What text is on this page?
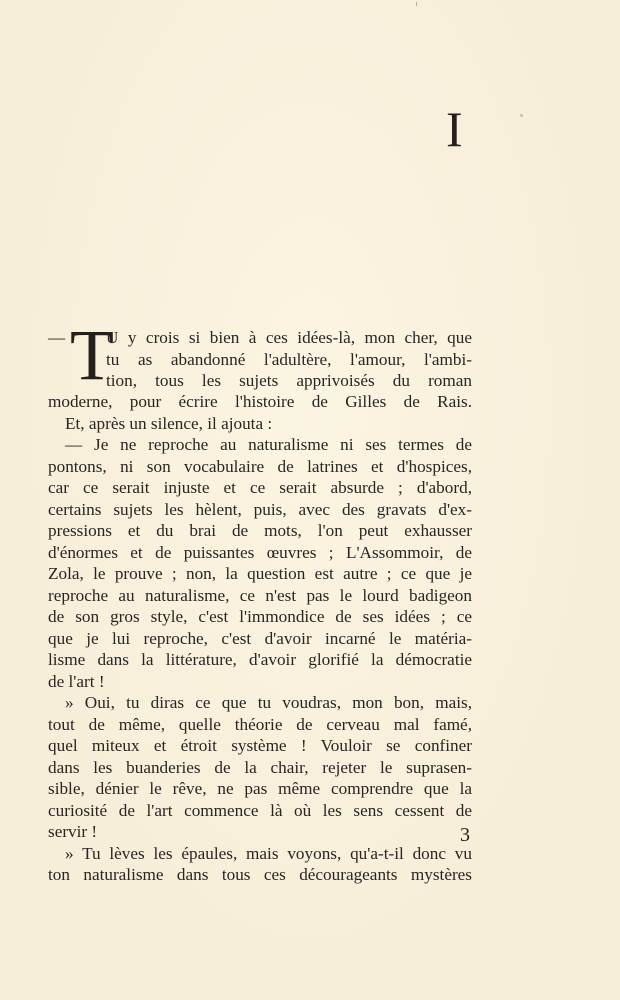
I
— T
U y crois si bien à ces idées-là, mon cher, que
tu as abandonné l'adultère, l'amour, l'ambi-
tion, tous les sujets apprivoisés du roman
moderne, pour écrire l'histoire de Gilles de Rais.
Et, après un silence, il ajouta :
— Je ne reproche au naturalisme ni ses termes de
pontons, ni son vocabulaire de latrines et d'hospices,
car ce serait injuste et ce serait absurde ; d'abord,
certains sujets les hèlent, puis, avec des gravats d'ex-
pressions et du brai de mots, l'on peut exhausser
d'énormes et de puissantes œuvres ; L'Assommoir, de
Zola, le prouve ; non, la question est autre ; ce que je
reproche au naturalisme, ce n'est pas le lourd badigeon
de son gros style, c'est l'immondice de ses idées ; ce
que je lui reproche, c'est d'avoir incarné le matéria-
lisme dans la littérature, d'avoir glorifié la démocratie
de l'art !
» Oui, tu diras ce que tu voudras, mon bon, mais,
tout de même, quelle théorie de cerveau mal famé,
quel miteux et étroit système ! Vouloir se confiner
dans les buanderies de la chair, rejeter le suprasen-
sible, dénier le rêve, ne pas même comprendre que la
curiosité de l'art commence là où les sens cessent de
servir !
» Tu lèves les épaules, mais voyons, qu'a-t-il donc vu
ton naturalisme dans tous ces décourageants mystères
3
